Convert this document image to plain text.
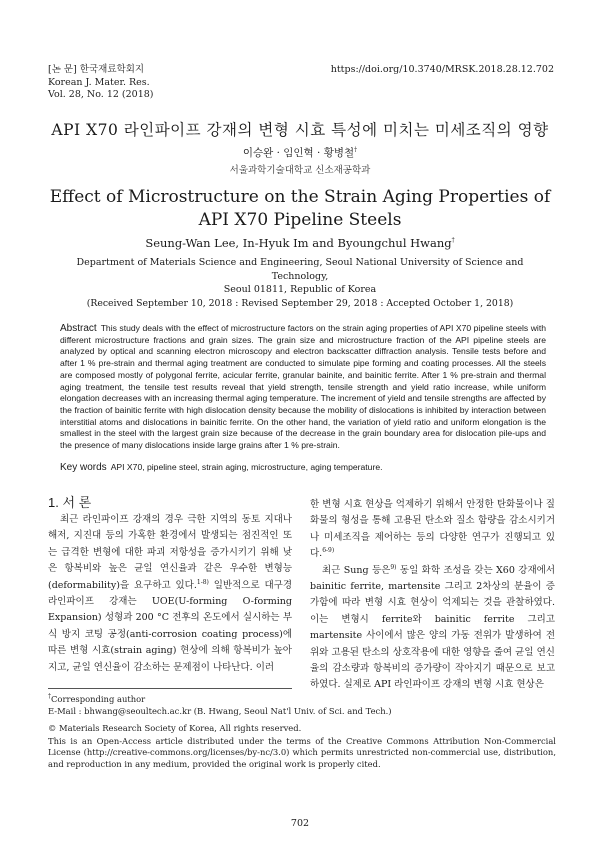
[논 문] 한국재료학회지
Korean J. Mater. Res.
Vol. 28, No. 12 (2018)
https://doi.org/10.3740/MRSK.2018.28.12.702
API X70 라인파이프 강재의 변형 시효 특성에 미치는 미세조직의 영향
이승완 · 임인혁 · 황병철†
서울과학기술대학교 신소재공학과
Effect of Microstructure on the Strain Aging Properties of
API X70 Pipeline Steels
Seung-Wan Lee, In-Hyuk Im and Byoungchul Hwang†
Department of Materials Science and Engineering, Seoul National University of Science and Technology,
Seoul 01811, Republic of Korea
(Received September 10, 2018 : Revised September 29, 2018 : Accepted October 1, 2018)
Abstract This study deals with the effect of microstructure factors on the strain aging properties of API X70 pipeline steels with different microstructure fractions and grain sizes. The grain size and microstructure fraction of the API pipeline steels are analyzed by optical and scanning electron microscopy and electron backscatter diffraction analysis. Tensile tests before and after 1 % pre-strain and thermal aging treatment are conducted to simulate pipe forming and coating processes. All the steels are composed mostly of polygonal ferrite, acicular ferrite, granular bainite, and bainitic ferrite. After 1 % pre-strain and thermal aging treatment, the tensile test results reveal that yield strength, tensile strength and yield ratio increase, while uniform elongation decreases with an increasing thermal aging temperature. The increment of yield and tensile strengths are affected by the fraction of bainitic ferrite with high dislocation density because the mobility of dislocations is inhibited by interaction between interstitial atoms and dislocations in bainitic ferrite. On the other hand, the variation of yield ratio and uniform elongation is the smallest in the steel with the largest grain size because of the decrease in the grain boundary area for dislocation pile-ups and the presence of many dislocations inside large grains after 1 % pre-strain.
Key words API X70, pipeline steel, strain aging, microstructure, aging temperature.
1. 서 론

최근 라인파이프 강재의 경우 극한 지역의 동토 지대나 해저, 지진대 등의 가혹한 환경에서 발생되는 점진적인 또는 급격한 변형에 대한 파괴 저항성을 증가시키기 위해 낮은 항복비와 높은 균일 연신율과 같은 우수한 변형능(deformability)을 요구하고 있다.$^{1-8)}$ 일반적으로 대구경 라인파이프 강재는 UOE(U-forming O-forming Expansion) 성형과 200 °C 전후의 온도에서 실시하는 부식 방지 코팅 공정(anti-corrosion coating process)에 따른 변형 시효(strain aging) 현상에 의해 항복비가 높아지고, 균일 연신율이 감소하는 문제점이 나타난다. 이러

한 변형 시효 현상을 억제하기 위해서 안정한 탄화물이나 질화물의 형성을 통해 고용된 탄소와 질소 함량을 감소시키거나 미세조직을 제어하는 등의 다양한 연구가 진행되고 있다.$^{6-9)}$

최근 Sung 등은$^{9)}$ 동일 화학 조성을 갖는 X60 강재에서 bainitic ferrite, martensite 그리고 2차상의 분율이 증가함에 따라 변형 시효 현상이 억제되는 것을 관찰하였다. 이는 변형시 ferrite와 bainitic ferrite 그리고 martensite 사이에서 많은 양의 가동 전위가 발생하여 전위와 고용된 탄소의 상호작용에 대한 영향을 줄여 균일 연신율의 감소량과 항복비의 증가량이 작아지기 때문으로 보고하였다. 실제로 API 라인파이프 강재의 변형 시효 현상은

†Corresponding author
E-Mail : bhwang@seoultech.ac.kr (B. Hwang, Seoul Nat'l Univ. of Sci. and Tech.)
© Materials Research Society of Korea, All rights reserved.
This is an Open-Access article distributed under the terms of the Creative Commons Attribution Non-Commercial License (http://creative-commons.org/licenses/by-nc/3.0) which permits unrestricted non-commercial use, distribution, and reproduction in any medium, provided the original work is properly cited.
702
